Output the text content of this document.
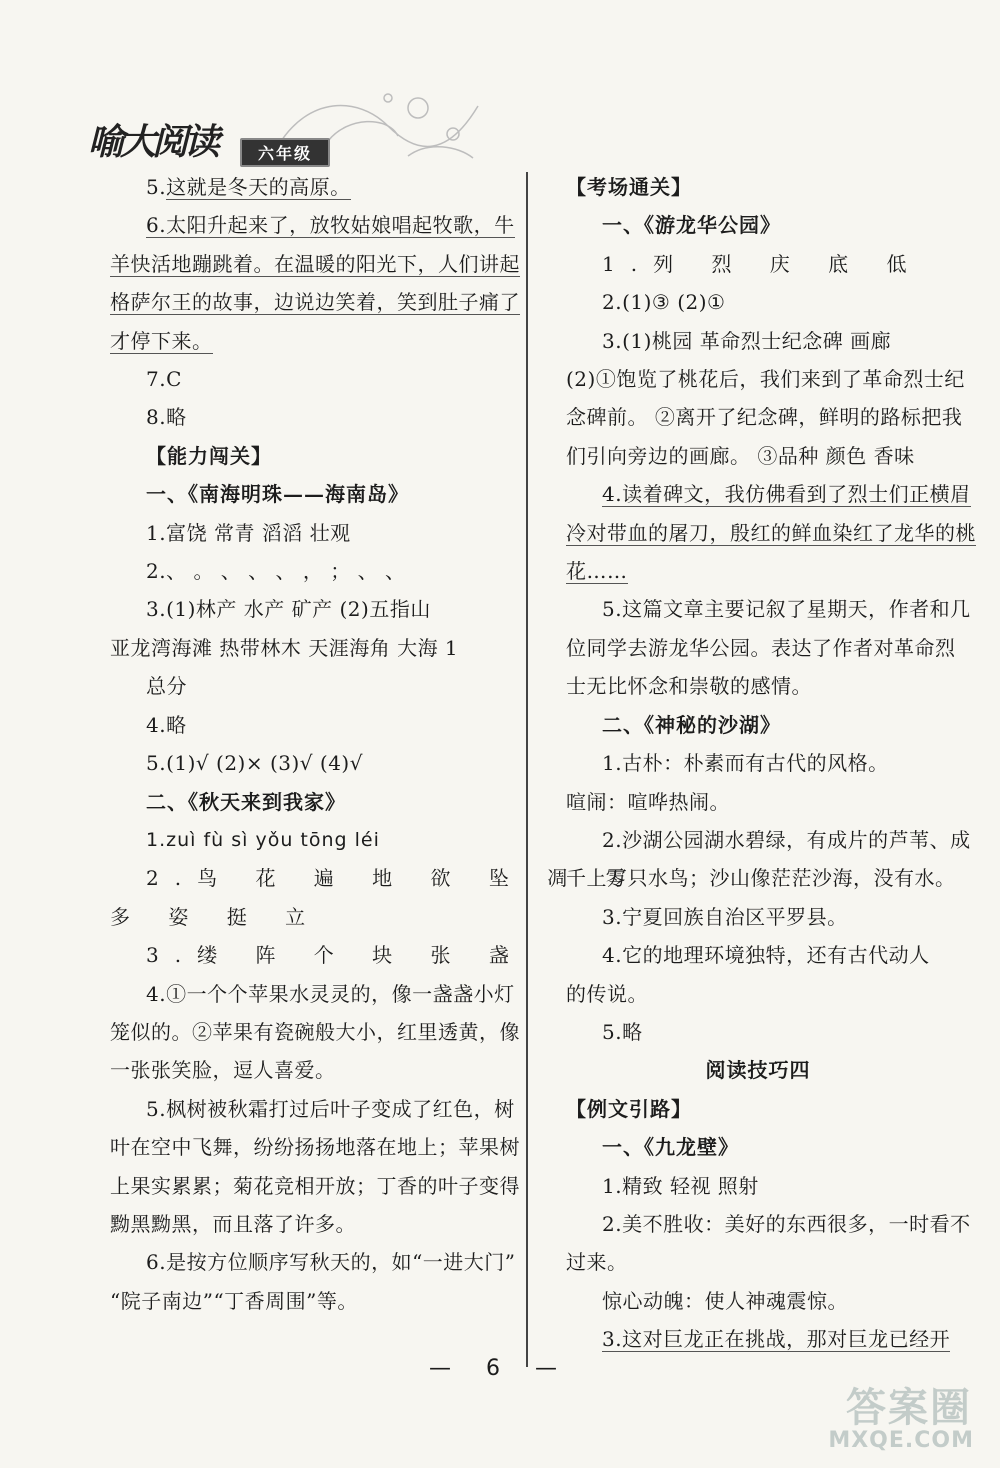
喻大阅读	六年级
5.这就是冬天的高原。
6.太阳升起来了，放牧姑娘唱起牧歌，牛
羊快活地蹦跳着。在温暖的阳光下，人们讲起
格萨尔王的故事，边说边笑着，笑到肚子痛了
才停下来。
7.C
8.略
【能力闯关】
一、《南海明珠——海南岛》
1.富饶 常青 滔滔 壮观
2.、 。 、 、 、 ， ； 、 、
3.(1)林产 水产 矿产 (2)五指山
亚龙湾海滩 热带林木 天涯海角 大海 1
总分
4.略
5.(1)√ (2)× (3)√ (4)√
二、《秋天来到我家》
1.zuì fù sì yǒu tōng léi
2.鸟 花 遍 地 欲 坠 凋 零
多 姿 挺 立
3.缕 阵 个 块 张 盏
4.①一个个苹果水灵灵的，像一盏盏小灯
笼似的。②苹果有瓷碗般大小，红里透黄，像
一张张笑脸，逗人喜爱。
5.枫树被秋霜打过后叶子变成了红色，树
叶在空中飞舞，纷纷扬扬地落在地上；苹果树
上果实累累；菊花竞相开放；丁香的叶子变得
黝黑黝黑，而且落了许多。
6.是按方位顺序写秋天的，如“一进大门”
“院子南边”“丁香周围”等。
【考场通关】
一、《游龙华公园》
1.列 烈 庆 底 低
2.(1)③ (2)①
3.(1)桃园 革命烈士纪念碑 画廊
(2)①饱览了桃花后，我们来到了革命烈士纪
念碑前。 ②离开了纪念碑，鲜明的路标把我
们引向旁边的画廊。 ③品种 颜色 香味
4.读着碑文，我仿佛看到了烈士们正横眉
冷对带血的屠刀，殷红的鲜血染红了龙华的桃
花……
5.这篇文章主要记叙了星期天，作者和几
位同学去游龙华公园。表达了作者对革命烈
士无比怀念和崇敬的感情。
二、《神秘的沙湖》
1.古朴：朴素而有古代的风格。
喧闹：喧哗热闹。
2.沙湖公园湖水碧绿，有成片的芦苇、成
千上万只水鸟；沙山像茫茫沙海，没有水。
3.宁夏回族自治区平罗县。
4.它的地理环境独特，还有古代动人
的传说。
5.略
阅读技巧四
【例文引路】
一、《九龙壁》
1.精致 轻视 照射
2.美不胜收：美好的东西很多，一时看不
过来。
惊心动魄：使人神魂震惊。
3.这对巨龙正在挑战，那对巨龙已经开
— 6 —
答案圈
MXQE.COM
